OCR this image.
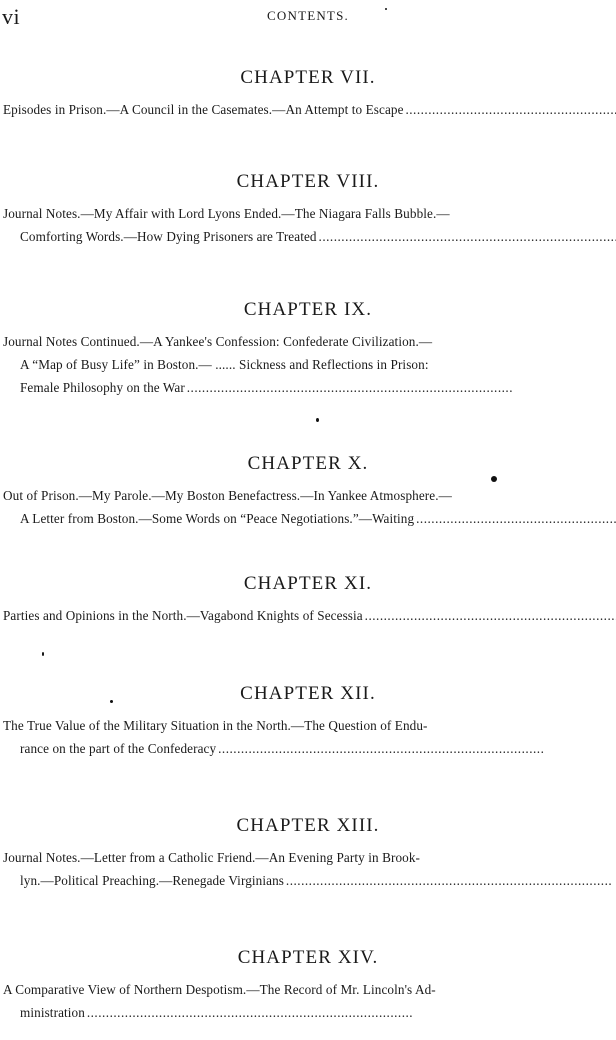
vi	CONTENTS.
CHAPTER VII.
Episodes in Prison.—A Council in the Casemates.—An Attempt to Escape . . .
CHAPTER VIII.
Journal Notes.—My Affair with Lord Lyons Ended.—The Niagara Falls Bubble.—
Comforting Words.—How Dying Prisoners are Treated . . .
CHAPTER IX.
Journal Notes Continued.—A Yankee's Confession: Confederate Civilization.—
A “Map of Busy Life” in Boston.— ...... Sickness and Reflections in Prison:
Female Philosophy on the War . . .
CHAPTER X.
Out of Prison.—My Parole.—My Boston Benefactress.—In Yankee Atmosphere.—
A Letter from Boston.—Some Words on “Peace Negotiations.”—Waiting . . .
CHAPTER XI.
Parties and Opinions in the North.—Vagabond Knights of Secessia . . .
CHAPTER XII.
The True Value of the Military Situation in the North.—The Question of Endu-
rance on the part of the Confederacy . . .
CHAPTER XIII.
Journal Notes.—Letter from a Catholic Friend.—An Evening Party in Brook-
lyn.—Political Preaching.—Renegade Virginians . . .
CHAPTER XIV.
A Comparative View of Northern Despotism.—The Record of Mr. Lincoln's Ad-
ministration . . .
